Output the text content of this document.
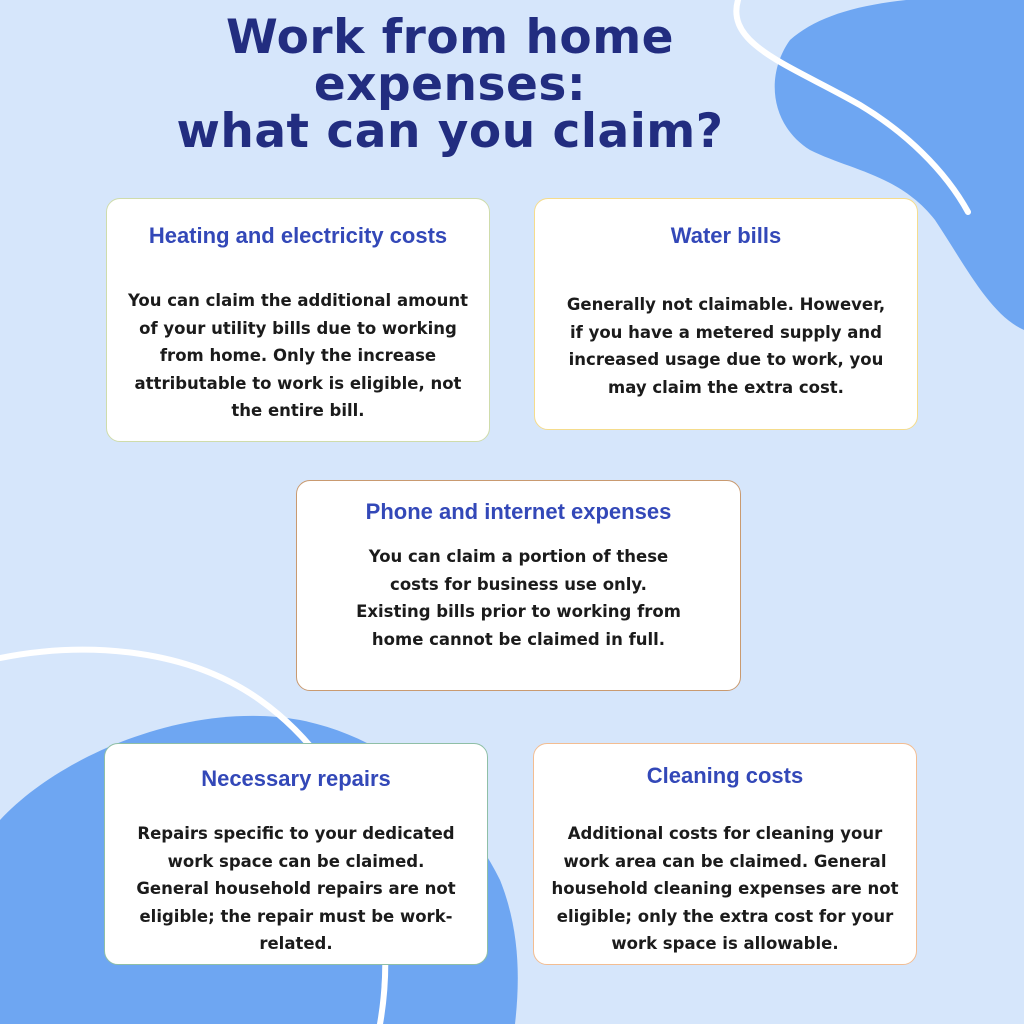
Work from home
expenses:
what can you claim?
Heating and electricity costs

You can claim the additional amount of your utility bills due to working from home. Only the increase attributable to work is eligible, not the entire bill.

Water bills

Generally not claimable. However, if you have a metered supply and increased usage due to work, you may claim the extra cost.

Phone and internet expenses

You can claim a portion of these costs for business use only. Existing bills prior to working from home cannot be claimed in full.

Necessary repairs

Repairs specific to your dedicated work space can be claimed. General household repairs are not eligible; the repair must be work-related.

Cleaning costs

Additional costs for cleaning your work area can be claimed. General household cleaning expenses are not eligible; only the extra cost for your work space is allowable.
